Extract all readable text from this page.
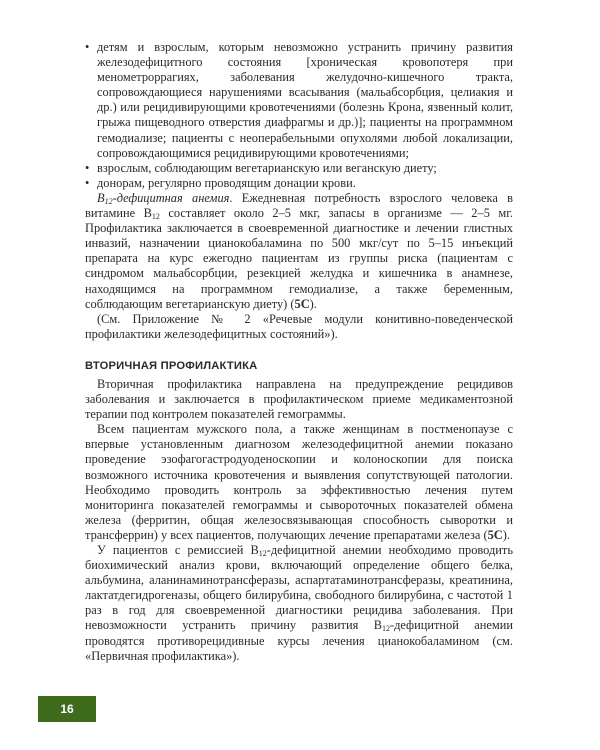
• детям и взрослым, которым невозможно устранить причину развития железодефицитного состояния [хроническая кровопотеря при менометроррагиях, заболевания желудочно-кишечного тракта, сопровождающиеся нарушениями всасывания (мальабсорбция, целиакия и др.) или рецидивирующими кровотечениями (болезнь Крона, язвенный колит, грыжа пищеводного отверстия диафрагмы и др.)]; пациенты на программном гемодиализе; пациенты с неоперабельными опухолями любой локализации, сопровождающимися рецидивирующими кровотечениями;

• взрослым, соблюдающим вегетарианскую или веганскую диету;

• донорам, регулярно проводящим донации крови.

$B_{12}$-дефицитная анемия. Ежедневная потребность взрослого человека в витамине $B_{12}$ составляет около 2–5 мкг, запасы в организме — 2–5 мг. Профилактика заключается в своевременной диагностике и лечении глистных инвазий, назначении цианокобаламина по 500 мкг/сут по 5–15 инъекций препарата на курс ежегодно пациентам из группы риска (пациентам с синдромом мальабсорбции, резекцией желудка и кишечника в анамнезе, находящимся на программном гемодиализе, а также беременным, соблюдающим вегетарианскую диету) (5С).

(См. Приложение № 2 «Речевые модули конитивно-поведенческой профилактики железодефицитных состояний»).

ВТОРИЧНАЯ ПРОФИЛАКТИКА

Вторичная профилактика направлена на предупреждение рецидивов заболевания и заключается в профилактическом приеме медикаментозной терапии под контролем показателей гемограммы.

Всем пациентам мужского пола, а также женщинам в постменопаузе с впервые установленным диагнозом железодефицитной анемии показано проведение эзофагогастродуоденоскопии и колоноскопии для поиска возможного источника кровотечения и выявления сопутствующей патологии. Необходимо проводить контроль за эффективностью лечения путем мониторинга показателей гемограммы и сывороточных показателей обмена железа (ферритин, общая железосвязывающая способность сыворотки и трансферрин) у всех пациентов, получающих лечение препаратами железа (5С).

У пациентов с ремиссией $B_{12}$-дефицитной анемии необходимо проводить биохимический анализ крови, включающий определение общего белка, альбумина, аланинаминотрансферазы, аспартатаминотрансферазы, креатинина, лактатдегидрогеназы, общего билирубина, свободного билирубина, с частотой 1 раз в год для своевременной диагностики рецидива заболевания. При невозможности устранить причину развития $B_{12}$-дефицитной анемии проводятся противорецидивные курсы лечения цианокобаламином (см. «Первичная профилактика»).

16
